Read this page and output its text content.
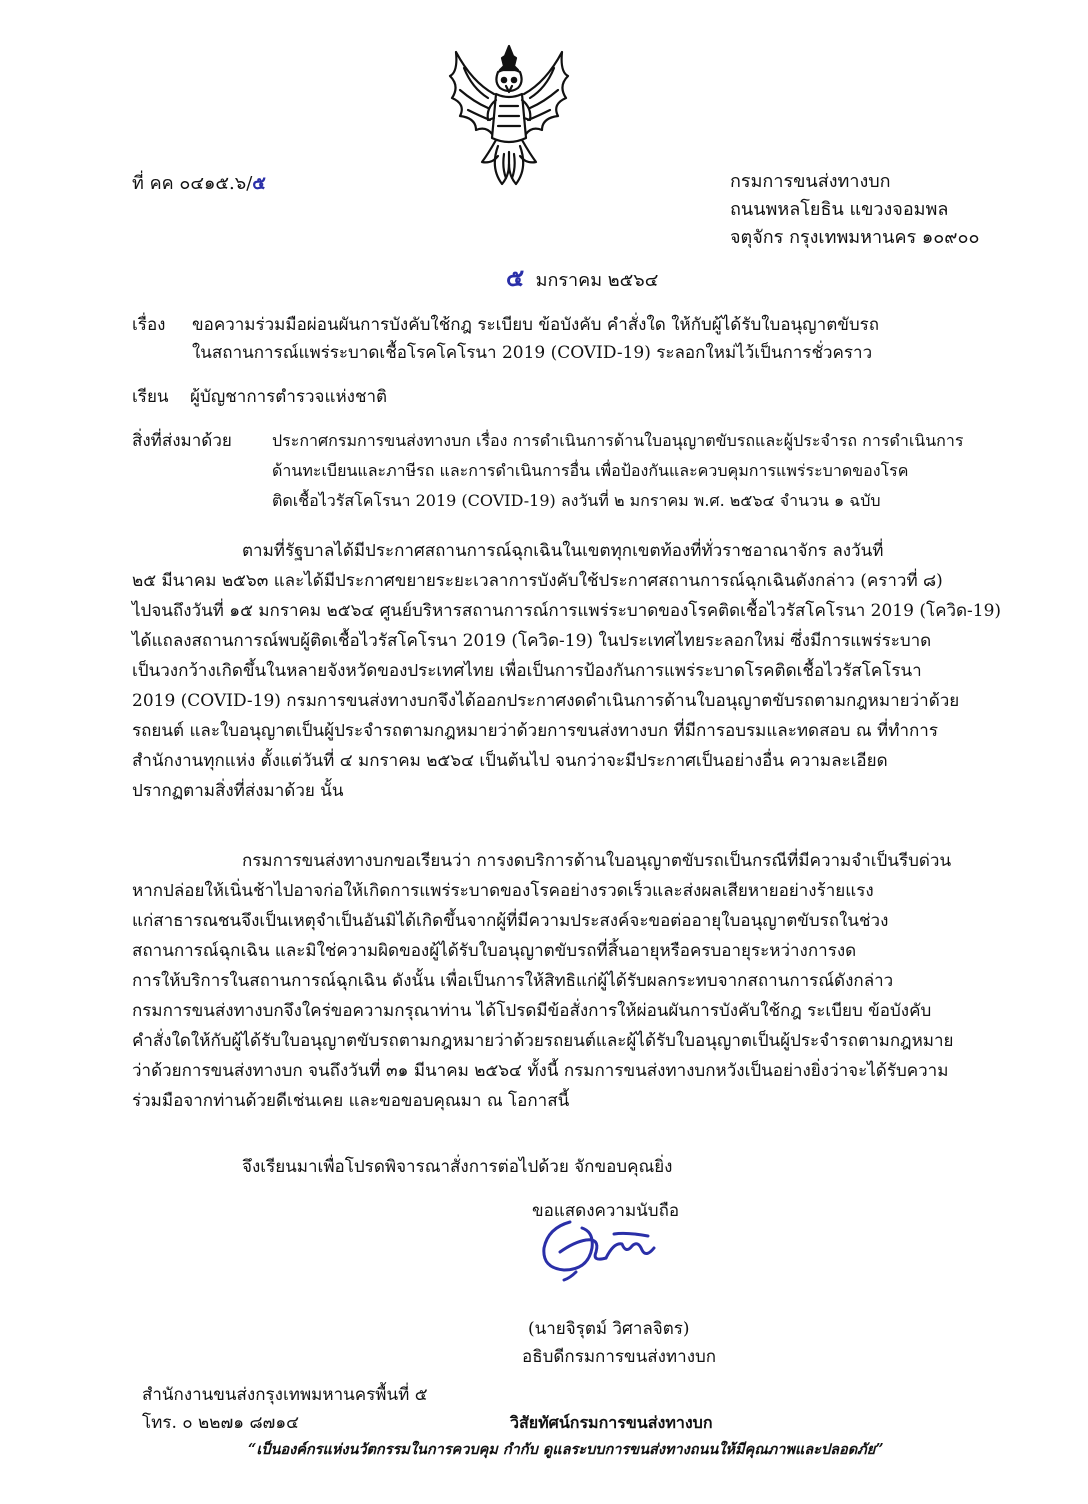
ที่ คค ๐๔๑๕.๖/๕	กรมการขนส่งทางบก
ถนนพหลโยธิน แขวงจอมพล
จตุจักร กรุงเทพมหานคร ๑๐๙๐๐
๕ มกราคม ๒๕๖๔
เรื่อง ขอความร่วมมือผ่อนผันการบังคับใช้กฎ ระเบียบ ข้อบังคับ คำสั่งใด ให้กับผู้ได้รับใบอนุญาตขับรถ
ในสถานการณ์แพร่ระบาดเชื้อโรคโคโรนา 2019 (COVID-19) ระลอกใหม่ไว้เป็นการชั่วคราว
เรียน ผู้บัญชาการตำรวจแห่งชาติ
สิ่งที่ส่งมาด้วย	ประกาศกรมการขนส่งทางบก เรื่อง การดำเนินการด้านใบอนุญาตขับรถและผู้ประจำรถ การดำเนินการ
ด้านทะเบียนและภาษีรถ และการดำเนินการอื่น เพื่อป้องกันและควบคุมการแพร่ระบาดของโรค
ติดเชื้อไวรัสโคโรนา 2019 (COVID-19) ลงวันที่ ๒ มกราคม พ.ศ. ๒๕๖๔ จำนวน ๑ ฉบับ
ตามที่รัฐบาลได้มีประกาศสถานการณ์ฉุกเฉินในเขตทุกเขตท้องที่ทั่วราชอาณาจักร ลงวันที่
๒๕ มีนาคม ๒๕๖๓ และได้มีประกาศขยายระยะเวลาการบังคับใช้ประกาศสถานการณ์ฉุกเฉินดังกล่าว (คราวที่ ๘)
ไปจนถึงวันที่ ๑๕ มกราคม ๒๕๖๔ ศูนย์บริหารสถานการณ์การแพร่ระบาดของโรคติดเชื้อไวรัสโคโรนา 2019 (โควิด-19)
ได้แถลงสถานการณ์พบผู้ติดเชื้อไวรัสโคโรนา 2019 (โควิด-19) ในประเทศไทยระลอกใหม่ ซึ่งมีการแพร่ระบาด
เป็นวงกว้างเกิดขึ้นในหลายจังหวัดของประเทศไทย เพื่อเป็นการป้องกันการแพร่ระบาดโรคติดเชื้อไวรัสโคโรนา
2019 (COVID-19) กรมการขนส่งทางบกจึงได้ออกประกาศงดดำเนินการด้านใบอนุญาตขับรถตามกฎหมายว่าด้วย
รถยนต์ และใบอนุญาตเป็นผู้ประจำรถตามกฎหมายว่าด้วยการขนส่งทางบก ที่มีการอบรมและทดสอบ ณ ที่ทำการ
สำนักงานทุกแห่ง ตั้งแต่วันที่ ๔ มกราคม ๒๕๖๔ เป็นต้นไป จนกว่าจะมีประกาศเป็นอย่างอื่น ความละเอียด
ปรากฏตามสิ่งที่ส่งมาด้วย นั้น
กรมการขนส่งทางบกขอเรียนว่า การงดบริการด้านใบอนุญาตขับรถเป็นกรณีที่มีความจำเป็นรีบด่วน
หากปล่อยให้เนิ่นช้าไปอาจก่อให้เกิดการแพร่ระบาดของโรคอย่างรวดเร็วและส่งผลเสียหายอย่างร้ายแรง
แก่สาธารณชนจึงเป็นเหตุจำเป็นอันมิได้เกิดขึ้นจากผู้ที่มีความประสงค์จะขอต่ออายุใบอนุญาตขับรถในช่วง
สถานการณ์ฉุกเฉิน และมิใช่ความผิดของผู้ได้รับใบอนุญาตขับรถที่สิ้นอายุหรือครบอายุระหว่างการงด
การให้บริการในสถานการณ์ฉุกเฉิน ดังนั้น เพื่อเป็นการให้สิทธิแก่ผู้ได้รับผลกระทบจากสถานการณ์ดังกล่าว
กรมการขนส่งทางบกจึงใคร่ขอความกรุณาท่าน ได้โปรดมีข้อสั่งการให้ผ่อนผันการบังคับใช้กฎ ระเบียบ ข้อบังคับ
คำสั่งใดให้กับผู้ได้รับใบอนุญาตขับรถตามกฎหมายว่าด้วยรถยนต์และผู้ได้รับใบอนุญาตเป็นผู้ประจำรถตามกฎหมาย
ว่าด้วยการขนส่งทางบก จนถึงวันที่ ๓๑ มีนาคม ๒๕๖๔ ทั้งนี้ กรมการขนส่งทางบกหวังเป็นอย่างยิ่งว่าจะได้รับความ
ร่วมมือจากท่านด้วยดีเช่นเคย และขอขอบคุณมา ณ โอกาสนี้
จึงเรียนมาเพื่อโปรดพิจารณาสั่งการต่อไปด้วย จักขอบคุณยิ่ง
ขอแสดงความนับถือ
(นายจิรุตม์ วิศาลจิตร)
อธิบดีกรมการขนส่งทางบก
สำนักงานขนส่งกรุงเทพมหานครพื้นที่ ๕
โทร. ๐ ๒๒๗๑ ๘๗๑๔	วิสัยทัศน์กรมการขนส่งทางบก
“เป็นองค์กรแห่งนวัตกรรมในการควบคุม กำกับ ดูแลระบบการขนส่งทางถนนให้มีคุณภาพและปลอดภัย”
